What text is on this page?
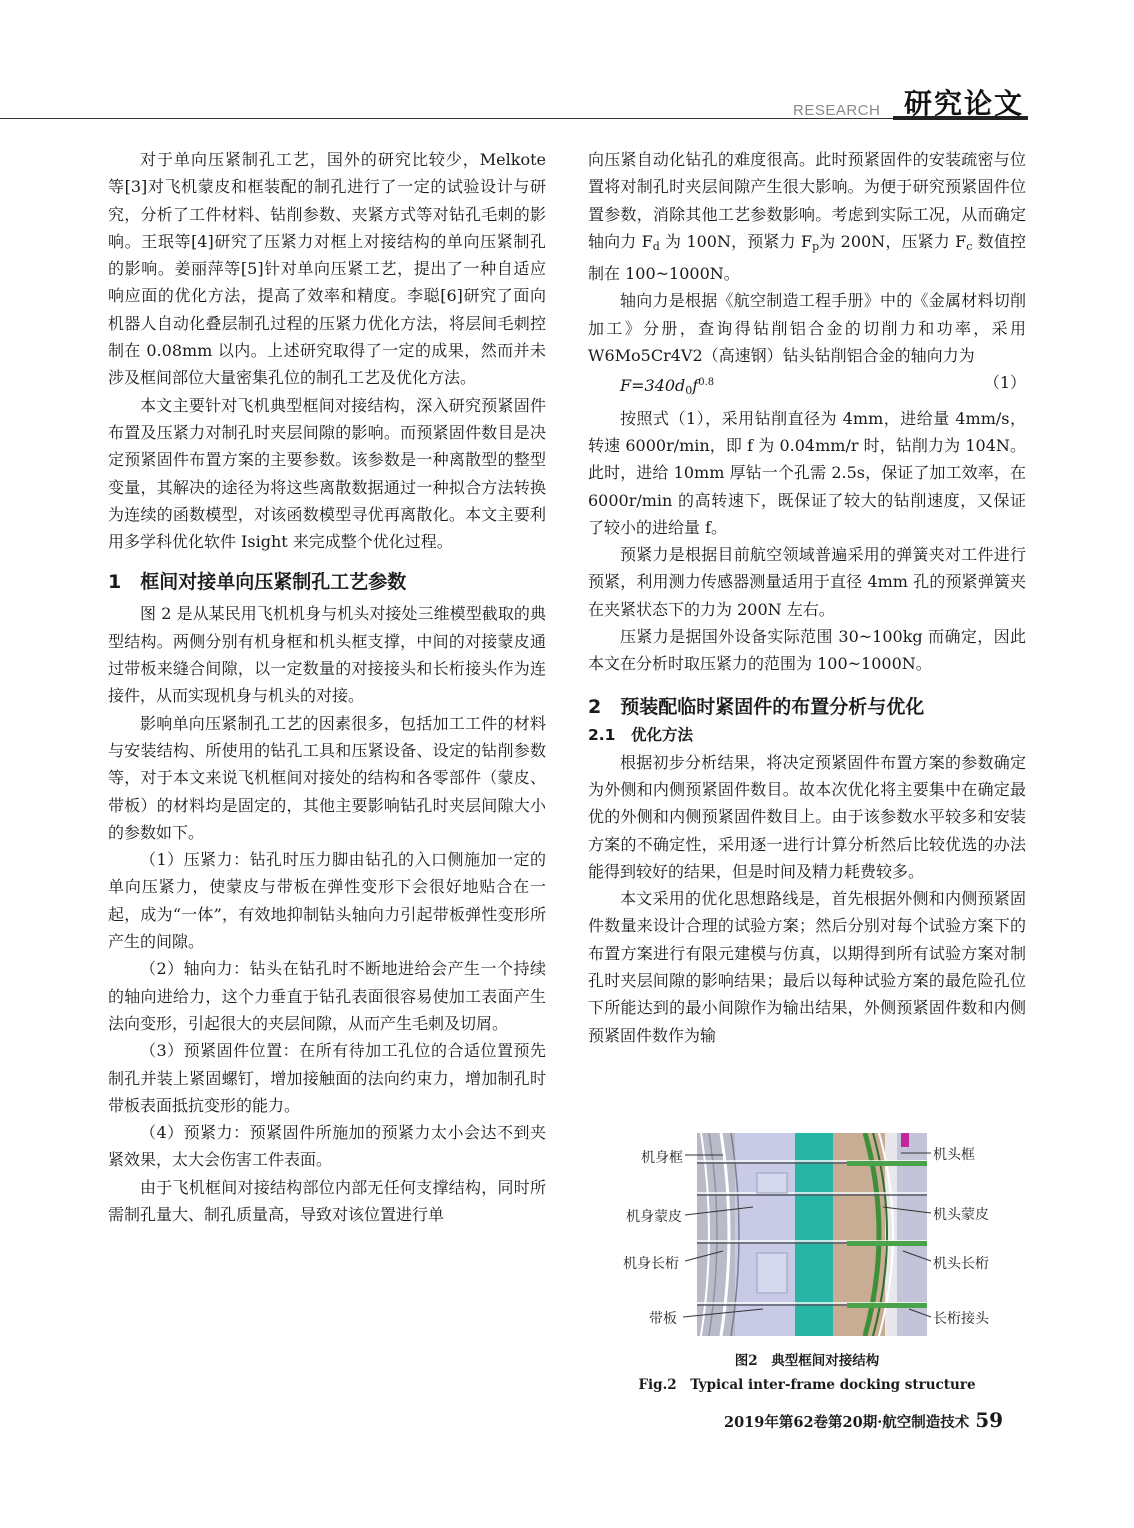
RESEARCH 研究论文

对于单向压紧制孔工艺，国外的研究比较少，Melkote 等[3]对飞机蒙皮和框装配的制孔进行了一定的试验设计与研究，分析了工件材料、钻削参数、夹紧方式等对钻孔毛刺的影响。王珉等[4]研究了压紧力对框上对接结构的单向压紧制孔的影响。姜丽萍等[5]针对单向压紧工艺，提出了一种自适应响应面的优化方法，提高了效率和精度。李聪[6]研究了面向机器人自动化叠层制孔过程的压紧力优化方法，将层间毛刺控制在 0.08mm 以内。上述研究取得了一定的成果，然而并未涉及框间部位大量密集孔位的制孔工艺及优化方法。

本文主要针对飞机典型框间对接结构，深入研究预紧固件布置及压紧力对制孔时夹层间隙的影响。而预紧固件数目是决定预紧固件布置方案的主要参数。该参数是一种离散型的整型变量，其解决的途径为将这些离散数据通过一种拟合方法转换为连续的函数模型，对该函数模型寻优再离散化。本文主要利用多学科优化软件 Isight 来完成整个优化过程。

1　框间对接单向压紧制孔工艺参数

图 2 是从某民用飞机机身与机头对接处三维模型截取的典型结构。两侧分别有机身框和机头框支撑，中间的对接蒙皮通过带板来缝合间隙，以一定数量的对接接头和长桁接头作为连接件，从而实现机身与机头的对接。

影响单向压紧制孔工艺的因素很多，包括加工工件的材料与安装结构、所使用的钻孔工具和压紧设备、设定的钻削参数等，对于本文来说飞机框间对接处的结构和各零部件（蒙皮、带板）的材料均是固定的，其他主要影响钻孔时夹层间隙大小的参数如下。

（1）压紧力：钻孔时压力脚由钻孔的入口侧施加一定的单向压紧力，使蒙皮与带板在弹性变形下会很好地贴合在一起，成为“一体”，有效地抑制钻头轴向力引起带板弹性变形所产生的间隙。

（2）轴向力：钻头在钻孔时不断地进给会产生一个持续的轴向进给力，这个力垂直于钻孔表面很容易使加工表面产生法向变形，引起很大的夹层间隙，从而产生毛刺及切屑。

（3）预紧固件位置：在所有待加工孔位的合适位置预先制孔并装上紧固螺钉，增加接触面的法向约束力，增加制孔时带板表面抵抗变形的能力。

（4）预紧力：预紧固件所施加的预紧力太小会达不到夹紧效果，太大会伤害工件表面。

由于飞机框间对接结构部位内部无任何支撑结构，同时所需制孔量大、制孔质量高，导致对该位置进行单

向压紧自动化钻孔的难度很高。此时预紧固件的安装疏密与位置将对制孔时夹层间隙产生很大影响。为便于研究预紧固件位置参数，消除其他工艺参数影响。考虑到实际工况，从而确定轴向力 $F_d$ 为 100N，预紧力 $F_p$为 200N，压紧力 $F_c$ 数值控制在 100~1000N。

轴向力是根据《航空制造工程手册》中的《金属材料切削加工》分册，查询得钻削铝合金的切削力和功率，采用 W6Mo5Cr4V2（高速钢）钻头钻削铝合金的轴向力为

$F=340d_0f^{0.8}$	（1）

按照式（1），采用钻削直径为 4mm，进给量 4mm/s，转速 6000r/min，即 f 为 0.04mm/r 时，钻削力为 104N。此时，进给 10mm 厚钻一个孔需 2.5s，保证了加工效率，在 6000r/min 的高转速下，既保证了较大的钻削速度，又保证了较小的进给量 f。

预紧力是根据目前航空领域普遍采用的弹簧夹对工件进行预紧，利用测力传感器测量适用于直径 4mm 孔的预紧弹簧夹在夹紧状态下的力为 200N 左右。

压紧力是据国外设备实际范围 30~100kg 而确定，因此本文在分析时取压紧力的范围为 100~1000N。

2　预装配临时紧固件的布置分析与优化

2.1　优化方法

根据初步分析结果，将决定预紧固件布置方案的参数确定为外侧和内侧预紧固件数目。故本次优化将主要集中在确定最优的外侧和内侧预紧固件数目上。由于该参数水平较多和安装方案的不确定性，采用逐一进行计算分析然后比较优选的办法能得到较好的结果，但是时间及精力耗费较多。

本文采用的优化思想路线是，首先根据外侧和内侧预紧固件数量来设计合理的试验方案；然后分别对每个试验方案下的布置方案进行有限元建模与仿真，以期得到所有试验方案对制孔时夹层间隙的影响结果；最后以每种试验方案的最危险孔位下所能达到的最小间隙作为输出结果，外侧预紧固件数和内侧预紧固件数作为输

机身框
机身蒙皮
机身长桁
带板
机头框
机头蒙皮
机头长桁
长桁接头
图2　典型框间对接结构
Fig.2　Typical inter-frame docking structure
2019年第62卷第20期·航空制造技术 59
